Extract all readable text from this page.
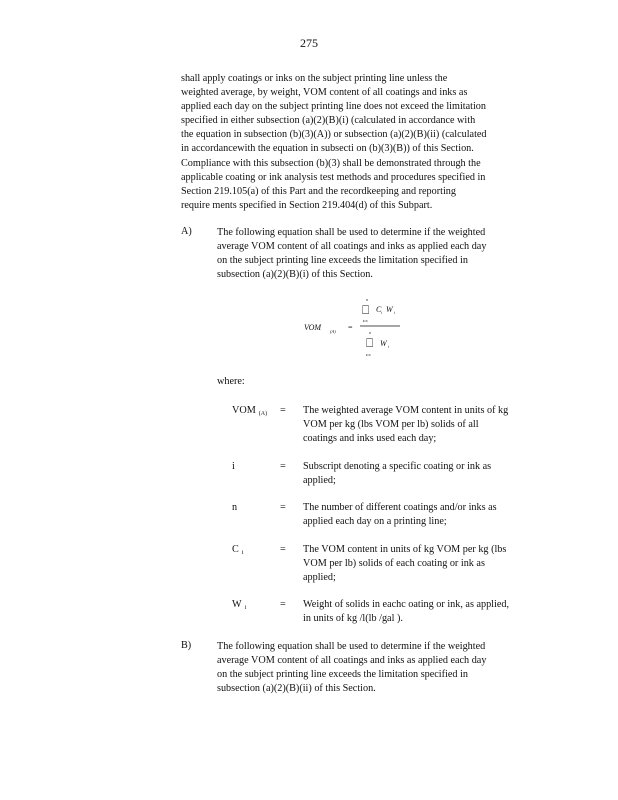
275
shall apply coatings or inks on the subject printing line unless the
weighted average, by weight, VOM content of all coatings and inks as
applied each day on the subject printing line does not exceed the limitation
specified in either subsection (a)(2)(B)(i) (calculated in accordance with
the equation in subsection (b)(3)(A)) or subsection (a)(2)(B)(ii) (calculated
in accordancewith the equation in subsecti on (b)(3)(B)) of this Section.
Compliance with this subsection (b)(3) shall be demonstrated through the
applicable coating or ink analysis test methods and procedures specified in
Section 219.105(a) of this Part and the recordkeeping and reporting
require ments specified in Section 219.404(d) of this Subpart.
A) The following equation shall be used to determine if the weighted
average VOM content of all coatings and inks as applied each day
on the subject printing line exceeds the limitation specified in
subsection (a)(2)(B)(i) of this Section.
VOM (A) =
n
⎕ C i W i
i=1
n
⎕ W i
i=1
where:
VOM $_{(A)}$	=	The weighted average VOM content in units of kg
VOM per kg (lbs VOM per lb) solids of all
coatings and inks used each day;
i	=	Subscript denoting a specific coating or ink as
applied;
n	=	The number of different coatings and/or inks as
applied each day on a printing line;
C $_i$	=	The VOM content in units of kg VOM per kg (lbs
VOM per lb) solids of each coating or ink as
applied;
W $_i$	=	Weight of solids in eachc oating or ink, as applied,
in units of kg /l(lb /gal ).
B)	The following equation shall be used to determine if the weighted
average VOM content of all coatings and inks as applied each day
on the subject printing line exceeds the limitation specified in
subsection (a)(2)(B)(ii) of this Section.
